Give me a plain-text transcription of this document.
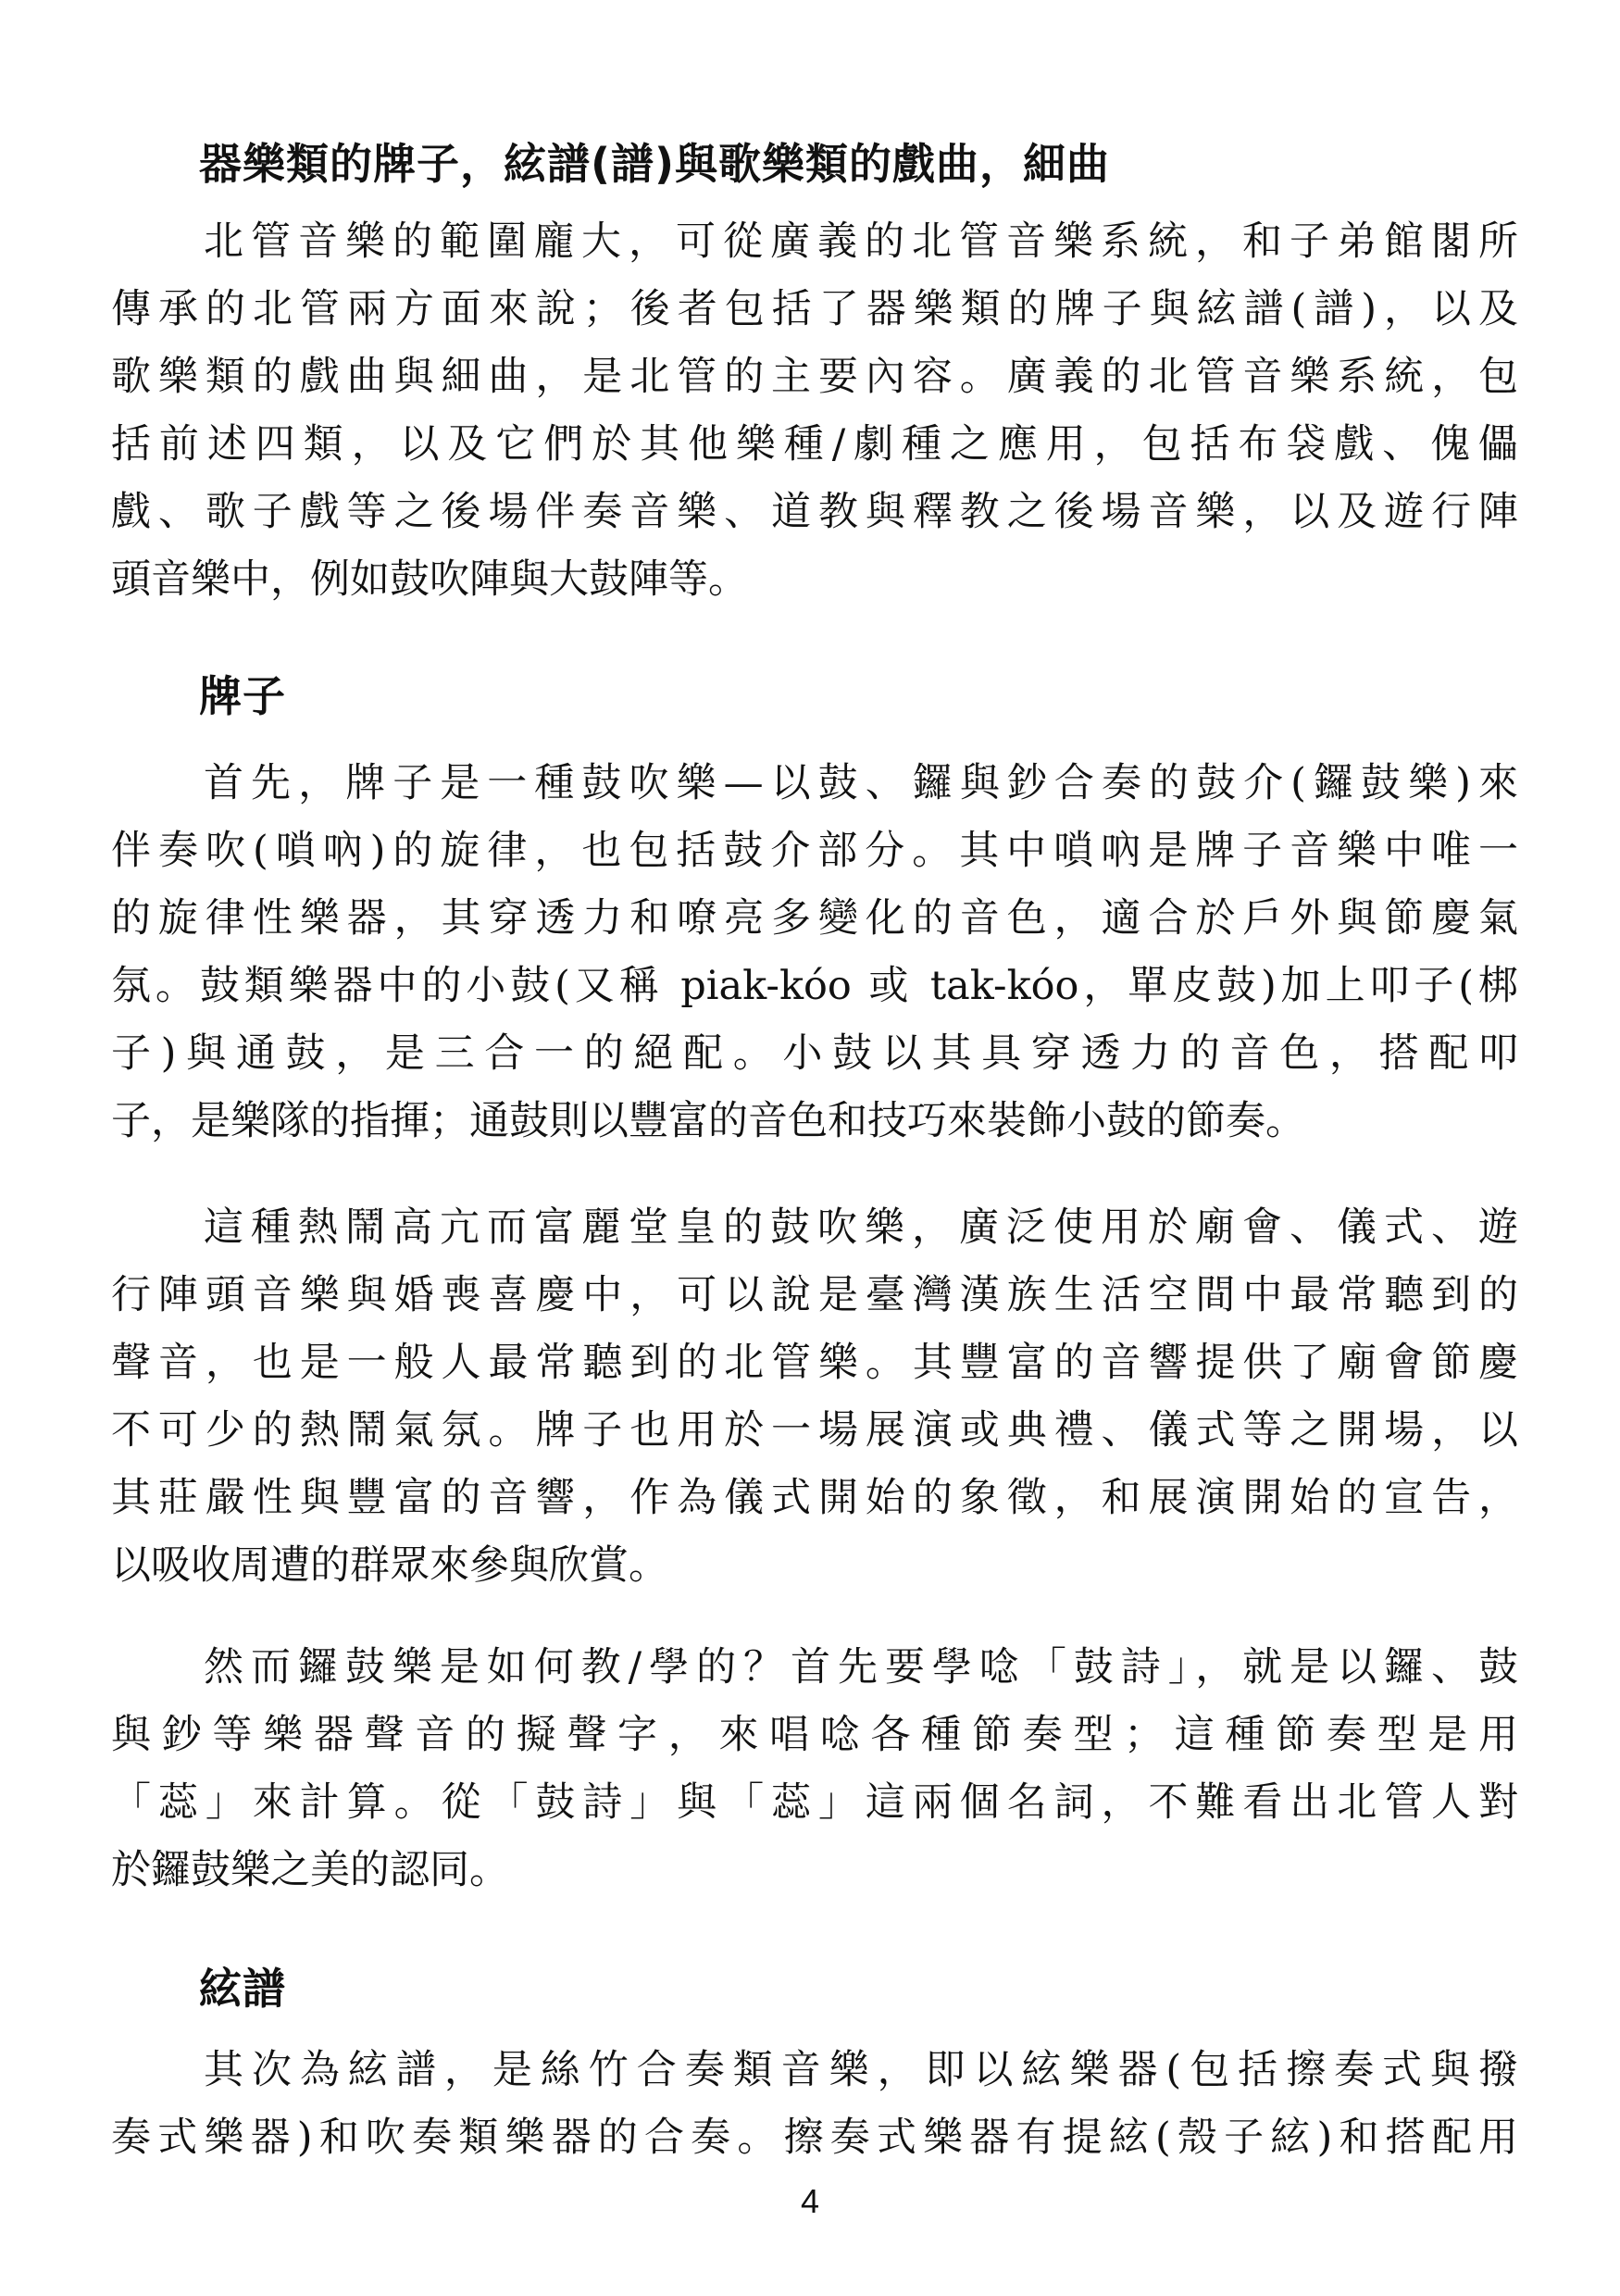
器樂類的牌子，絃譜(譜)與歌樂類的戲曲，細曲
北管音樂的範圍龐大，可從廣義的北管音樂系統，和子弟館閣所
傳承的北管兩方面來說；後者包括了器樂類的牌子與絃譜(譜)，以及
歌樂類的戲曲與細曲，是北管的主要內容。廣義的北管音樂系統，包
括前述四類，以及它們於其他樂種/劇種之應用，包括布袋戲、傀儡
戲、歌子戲等之後場伴奏音樂、道教與釋教之後場音樂，以及遊行陣
頭音樂中，例如鼓吹陣與大鼓陣等。
牌子
首先，牌子是一種鼓吹樂—以鼓、鑼與鈔合奏的鼓介(鑼鼓樂)來
伴奏吹(嗩吶)的旋律，也包括鼓介部分。其中嗩吶是牌子音樂中唯一
的旋律性樂器，其穿透力和嘹亮多變化的音色，適合於戶外與節慶氣
氛。鼓類樂器中的小鼓(又稱 piak-kóo 或 tak-kóo，單皮鼓)加上叩子(梆
子)與通鼓，是三合一的絕配。小鼓以其具穿透力的音色，搭配叩
子，是樂隊的指揮；通鼓則以豐富的音色和技巧來裝飾小鼓的節奏。
這種熱鬧高亢而富麗堂皇的鼓吹樂，廣泛使用於廟會、儀式、遊
行陣頭音樂與婚喪喜慶中，可以說是臺灣漢族生活空間中最常聽到的
聲音，也是一般人最常聽到的北管樂。其豐富的音響提供了廟會節慶
不可少的熱鬧氣氛。牌子也用於一場展演或典禮、儀式等之開場，以
其莊嚴性與豐富的音響，作為儀式開始的象徵，和展演開始的宣告，
以吸收周遭的群眾來參與欣賞。
然而鑼鼓樂是如何教/學的？首先要學唸「鼓詩」，就是以鑼、鼓
與鈔等樂器聲音的擬聲字，來唱唸各種節奏型；這種節奏型是用
「蕊」來計算。從「鼓詩」與「蕊」這兩個名詞，不難看出北管人對
於鑼鼓樂之美的認同。
絃譜
其次為絃譜，是絲竹合奏類音樂，即以絃樂器(包括擦奏式與撥
奏式樂器)和吹奏類樂器的合奏。擦奏式樂器有提絃(殼子絃)和搭配用
4
